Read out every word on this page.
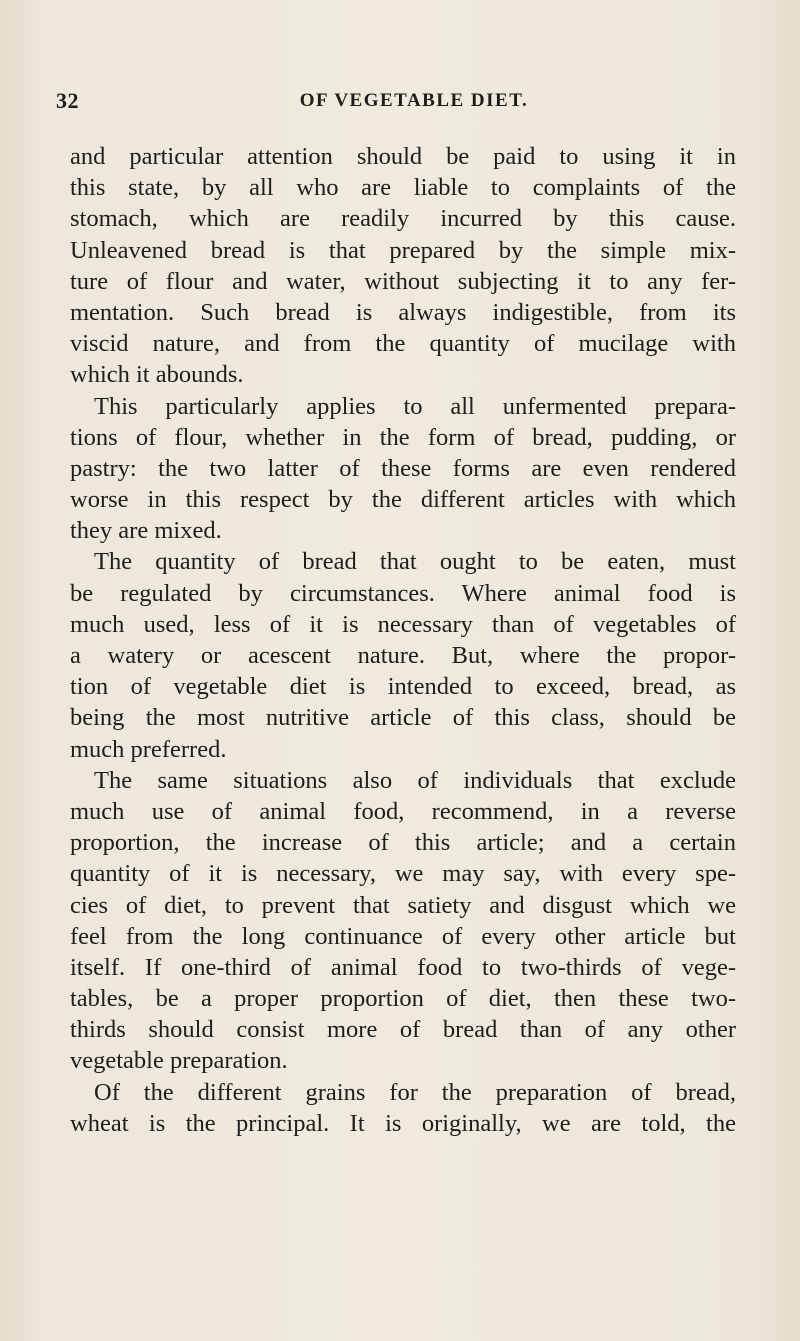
32	OF VEGETABLE DIET.
and particular attention should be paid to using it in
this state, by all who are liable to complaints of the
stomach, which are readily incurred by this cause.
Unleavened bread is that prepared by the simple mix-
ture of flour and water, without subjecting it to any fer-
mentation. Such bread is always indigestible, from its
viscid nature, and from the quantity of mucilage with
which it abounds.
This particularly applies to all unfermented prepara-
tions of flour, whether in the form of bread, pudding, or
pastry: the two latter of these forms are even rendered
worse in this respect by the different articles with which
they are mixed.
The quantity of bread that ought to be eaten, must
be regulated by circumstances. Where animal food is
much used, less of it is necessary than of vegetables of
a watery or acescent nature. But, where the propor-
tion of vegetable diet is intended to exceed, bread, as
being the most nutritive article of this class, should be
much preferred.
The same situations also of individuals that exclude
much use of animal food, recommend, in a reverse
proportion, the increase of this article; and a certain
quantity of it is necessary, we may say, with every spe-
cies of diet, to prevent that satiety and disgust which we
feel from the long continuance of every other article but
itself. If one-third of animal food to two-thirds of vege-
tables, be a proper proportion of diet, then these two-
thirds should consist more of bread than of any other
vegetable preparation.
Of the different grains for the preparation of bread,
wheat is the principal. It is originally, we are told, the
